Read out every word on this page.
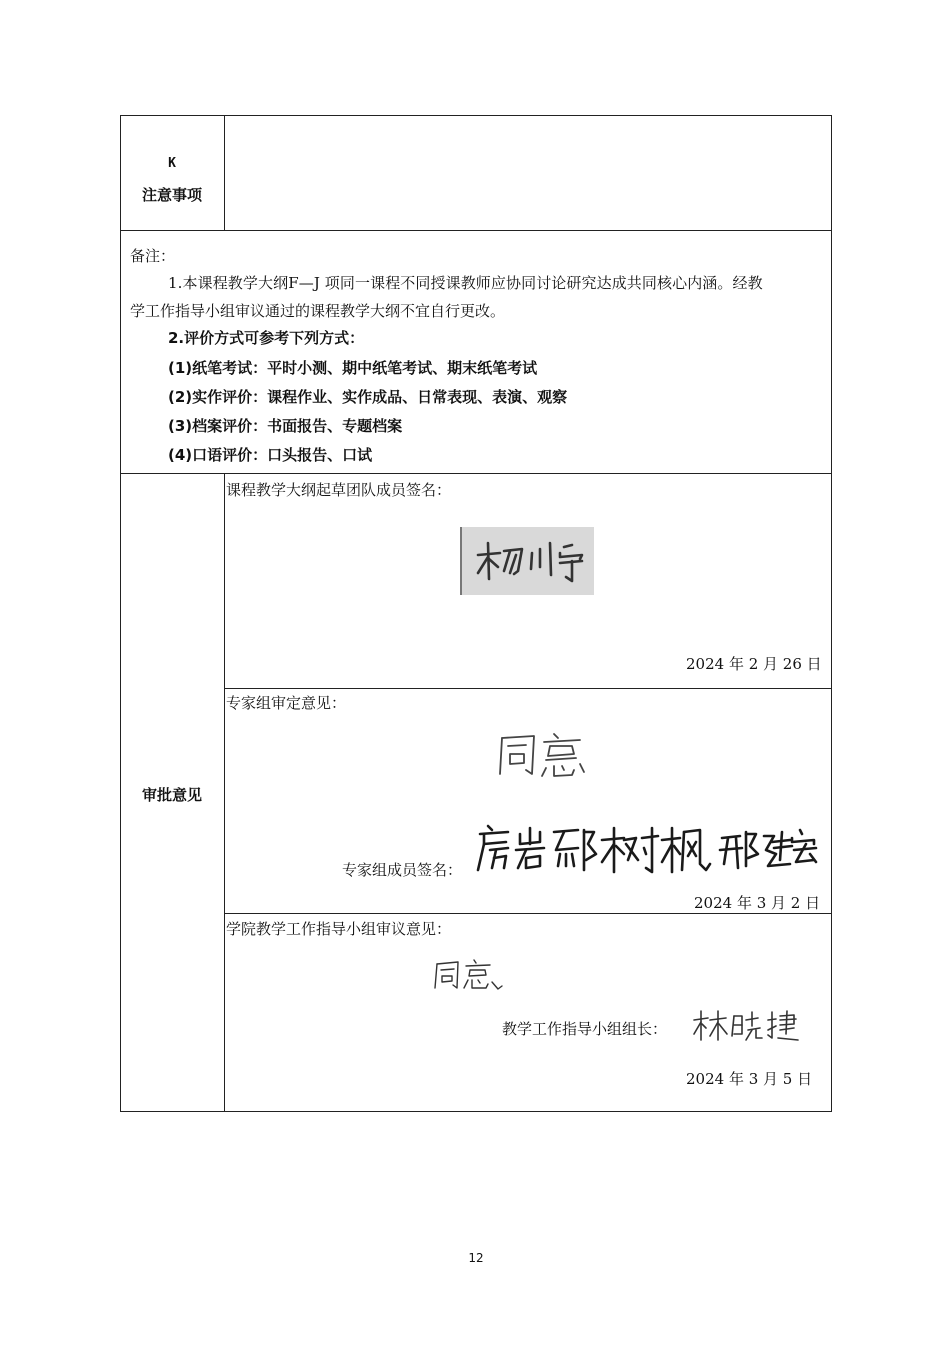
K
注意事项
备注：
1.本课程教学大纲F—J 项同一课程不同授课教师应协同讨论研究达成共同核心内涵。经教
学工作指导小组审议通过的课程教学大纲不宜自行更改。
2.评价方式可参考下列方式：
(1)纸笔考试：平时小测、期中纸笔考试、期末纸笔考试
(2)实作评价：课程作业、实作成品、日常表现、表演、观察
(3)档案评价：书面报告、专题档案
(4)口语评价：口头报告、口试
审批意见
课程教学大纲起草团队成员签名：
2024 年 2 月 26 日
专家组审定意见：
专家组成员签名：
2024 年 3 月 2 日
学院教学工作指导小组审议意见：
教学工作指导小组组长：
2024 年 3 月 5 日
12
